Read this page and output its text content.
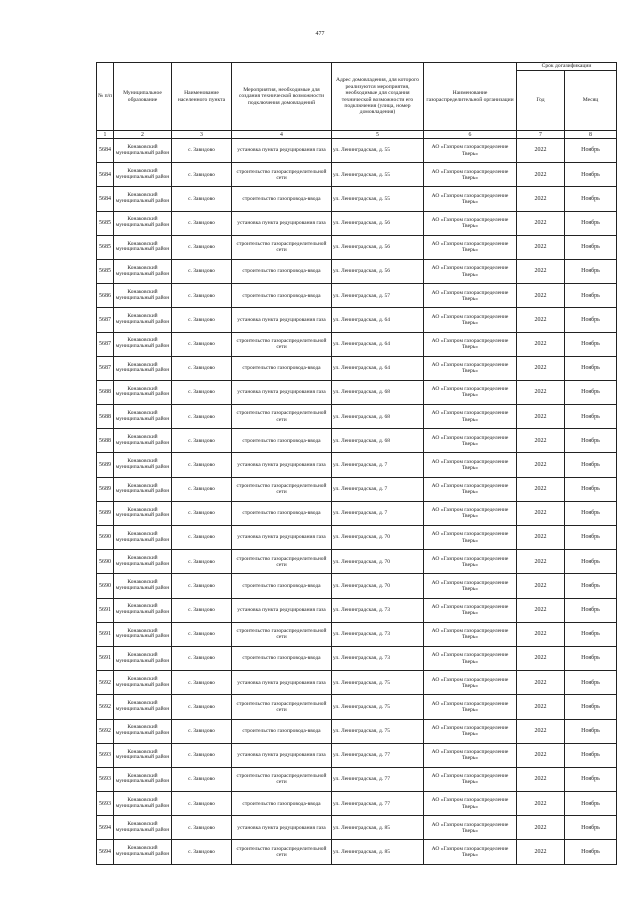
477
№ п/п	Муниципальное образование	Наименование населенного пункта	Мероприятия, необходимые для создания технической возможности подключения домовладений	Адрес домовладения, для которого реализуются мероприятия, необходимые для создания технической возможности его подключения (улица, номер домовладения)	Наименование газораспределительной организации	Срок догазификации	
						Год	Месяц
1	2	3	4	5	6	7	8
5684	Конаковский муниципальный район	с. Завидово	установка пункта редуцирования газа	ул. Ленинградская, д. 55	АО «Газпром газораспределение Тверь»	2022	Ноябрь
5684	Конаковский муниципальный район	с. Завидово	строительство газораспределительной сети	ул. Ленинградская, д. 55	АО «Газпром газораспределение Тверь»	2022	Ноябрь
5684	Конаковский муниципальный район	с. Завидово	строительство газопровода-ввода	ул. Ленинградская, д. 55	АО «Газпром газораспределение Тверь»	2022	Ноябрь
5685	Конаковский муниципальный район	с. Завидово	установка пункта редуцирования газа	ул. Ленинградская, д. 56	АО «Газпром газораспределение Тверь»	2022	Ноябрь
5685	Конаковский муниципальный район	с. Завидово	строительство газораспределительной сети	ул. Ленинградская, д. 56	АО «Газпром газораспределение Тверь»	2022	Ноябрь
5685	Конаковский муниципальный район	с. Завидово	строительство газопровода-ввода	ул. Ленинградская, д. 56	АО «Газпром газораспределение Тверь»	2022	Ноябрь
5686	Конаковский муниципальный район	с. Завидово	строительство газопровода-ввода	ул. Ленинградская, д. 57	АО «Газпром газораспределение Тверь»	2022	Ноябрь
5687	Конаковский муниципальный район	с. Завидово	установка пункта редуцирования газа	ул. Ленинградская, д. 64	АО «Газпром газораспределение Тверь»	2022	Ноябрь
5687	Конаковский муниципальный район	с. Завидово	строительство газораспределительной сети	ул. Ленинградская, д. 64	АО «Газпром газораспределение Тверь»	2022	Ноябрь
5687	Конаковский муниципальный район	с. Завидово	строительство газопровода-ввода	ул. Ленинградская, д. 64	АО «Газпром газораспределение Тверь»	2022	Ноябрь
5688	Конаковский муниципальный район	с. Завидово	установка пункта редуцирования газа	ул. Ленинградская, д. 68	АО «Газпром газораспределение Тверь»	2022	Ноябрь
5688	Конаковский муниципальный район	с. Завидово	строительство газораспределительной сети	ул. Ленинградская, д. 68	АО «Газпром газораспределение Тверь»	2022	Ноябрь
5688	Конаковский муниципальный район	с. Завидово	строительство газопровода-ввода	ул. Ленинградская, д. 68	АО «Газпром газораспределение Тверь»	2022	Ноябрь
5689	Конаковский муниципальный район	с. Завидово	установка пункта редуцирования газа	ул. Ленинградская, д. 7	АО «Газпром газораспределение Тверь»	2022	Ноябрь
5689	Конаковский муниципальный район	с. Завидово	строительство газораспределительной сети	ул. Ленинградская, д. 7	АО «Газпром газораспределение Тверь»	2022	Ноябрь
5689	Конаковский муниципальный район	с. Завидово	строительство газопровода-ввода	ул. Ленинградская, д. 7	АО «Газпром газораспределение Тверь»	2022	Ноябрь
5690	Конаковский муниципальный район	с. Завидово	установка пункта редуцирования газа	ул. Ленинградская, д. 70	АО «Газпром газораспределение Тверь»	2022	Ноябрь
5690	Конаковский муниципальный район	с. Завидово	строительство газораспределительной сети	ул. Ленинградская, д. 70	АО «Газпром газораспределение Тверь»	2022	Ноябрь
5690	Конаковский муниципальный район	с. Завидово	строительство газопровода-ввода	ул. Ленинградская, д. 70	АО «Газпром газораспределение Тверь»	2022	Ноябрь
5691	Конаковский муниципальный район	с. Завидово	установка пункта редуцирования газа	ул. Ленинградская, д. 73	АО «Газпром газораспределение Тверь»	2022	Ноябрь
5691	Конаковский муниципальный район	с. Завидово	строительство газораспределительной сети	ул. Ленинградская, д. 73	АО «Газпром газораспределение Тверь»	2022	Ноябрь
5691	Конаковский муниципальный район	с. Завидово	строительство газопровода-ввода	ул. Ленинградская, д. 73	АО «Газпром газораспределение Тверь»	2022	Ноябрь
5692	Конаковский муниципальный район	с. Завидово	установка пункта редуцирования газа	ул. Ленинградская, д. 75	АО «Газпром газораспределение Тверь»	2022	Ноябрь
5692	Конаковский муниципальный район	с. Завидово	строительство газораспределительной сети	ул. Ленинградская, д. 75	АО «Газпром газораспределение Тверь»	2022	Ноябрь
5692	Конаковский муниципальный район	с. Завидово	строительство газопровода-ввода	ул. Ленинградская, д. 75	АО «Газпром газораспределение Тверь»	2022	Ноябрь
5693	Конаковский муниципальный район	с. Завидово	установка пункта редуцирования газа	ул. Ленинградская, д. 77	АО «Газпром газораспределение Тверь»	2022	Ноябрь
5693	Конаковский муниципальный район	с. Завидово	строительство газораспределительной сети	ул. Ленинградская, д. 77	АО «Газпром газораспределение Тверь»	2022	Ноябрь
5693	Конаковский муниципальный район	с. Завидово	строительство газопровода-ввода	ул. Ленинградская, д. 77	АО «Газпром газораспределение Тверь»	2022	Ноябрь
5694	Конаковский муниципальный район	с. Завидово	установка пункта редуцирования газа	ул. Ленинградская, д. 85	АО «Газпром газораспределение Тверь»	2022	Ноябрь
5694	Конаковский муниципальный район	с. Завидово	строительство газораспределительной сети	ул. Ленинградская, д. 85	АО «Газпром газораспределение Тверь»	2022	Ноябрь
